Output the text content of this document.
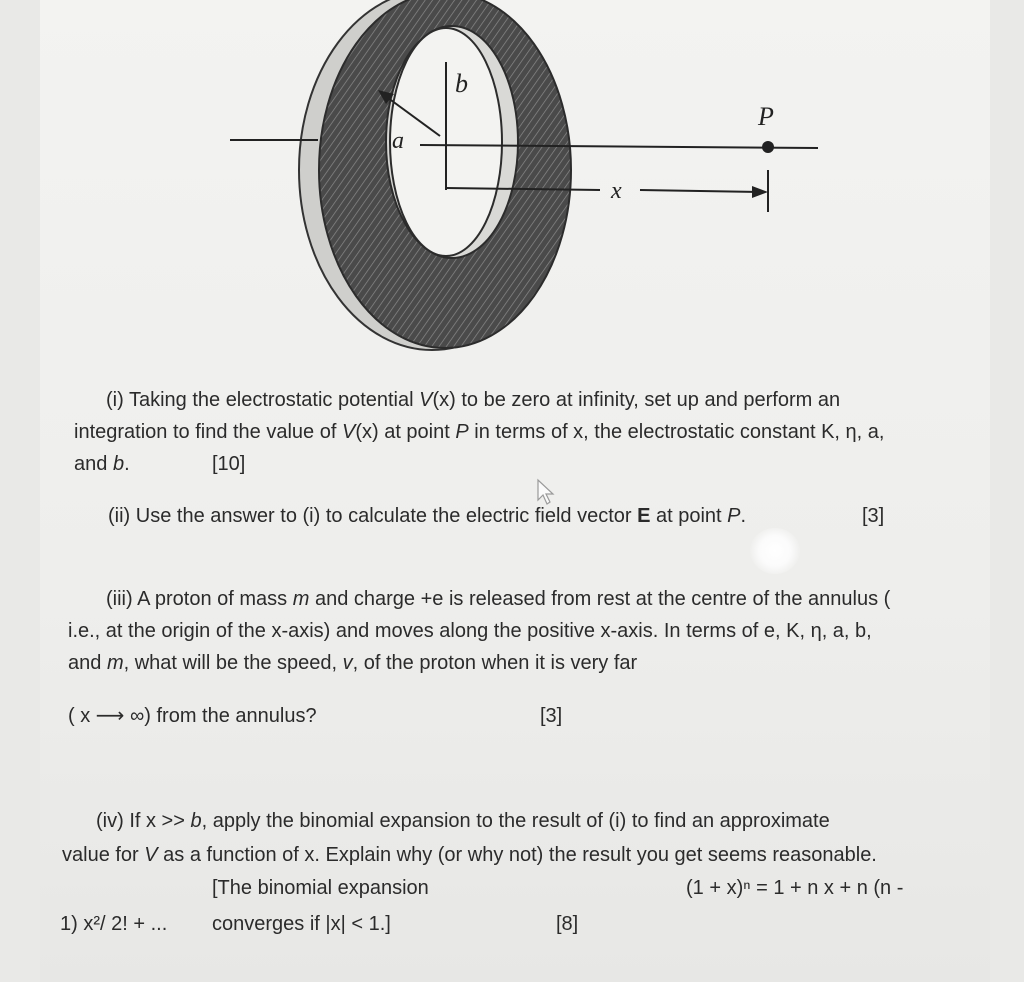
b
a
P
x
(i) Taking the electrostatic potential V(x) to be zero at infinity, set up and perform an
integration to find the value of V(x) at point P in terms of x, the electrostatic constant K, η, a,
and b.	[10]
(ii) Use the answer to (i) to calculate the electric field vector E at point P.	[3]
(iii) A proton of mass m and charge +e is released from rest at the centre of the annulus (
i.e., at the origin of the x-axis) and moves along the positive x-axis. In terms of e, K, η, a, b,
and m, what will be the speed, v, of the proton when it is very far
( x ⟶ ∞) from the annulus?	[3]
(iv) If x >> b, apply the binomial expansion to the result of (i) to find an approximate
value for V as a function of x. Explain why (or why not) the result you get seems reasonable.
[The binomial expansion	(1 + x)ⁿ = 1 + n x + n (n -
1) x²/ 2! + ... converges if |x| < 1.]	[8]
